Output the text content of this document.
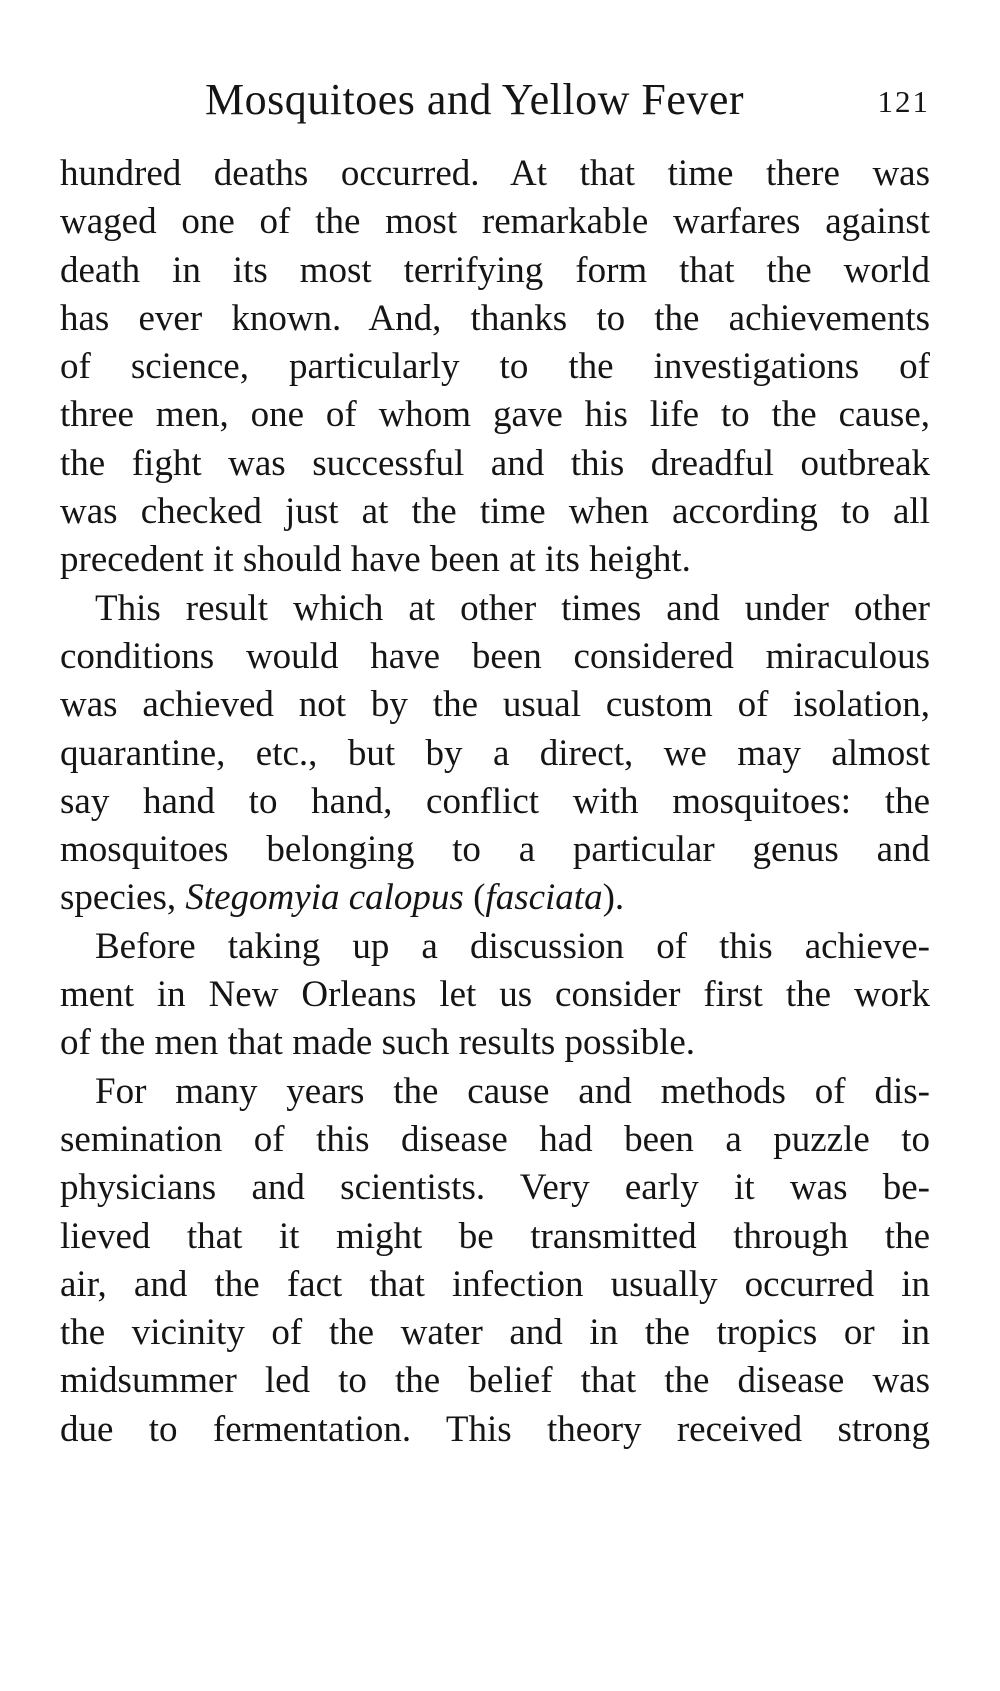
Mosquitoes and Yellow Fever	121
hundred deaths occurred. At that time there was
waged one of the most remarkable warfares against
death in its most terrifying form that the world
has ever known. And, thanks to the achievements
of science, particularly to the investigations of
three men, one of whom gave his life to the cause,
the fight was successful and this dreadful outbreak
was checked just at the time when according to all
precedent it should have been at its height.
This result which at other times and under other
conditions would have been considered miraculous
was achieved not by the usual custom of isolation,
quarantine, etc., but by a direct, we may almost
say hand to hand, conflict with mosquitoes: the
mosquitoes belonging to a particular genus and
species, Stegomyia calopus (fasciata).
Before taking up a discussion of this achieve-
ment in New Orleans let us consider first the work
of the men that made such results possible.
For many years the cause and methods of dis-
semination of this disease had been a puzzle to
physicians and scientists. Very early it was be-
lieved that it might be transmitted through the
air, and the fact that infection usually occurred in
the vicinity of the water and in the tropics or in
midsummer led to the belief that the disease was
due to fermentation. This theory received strong
